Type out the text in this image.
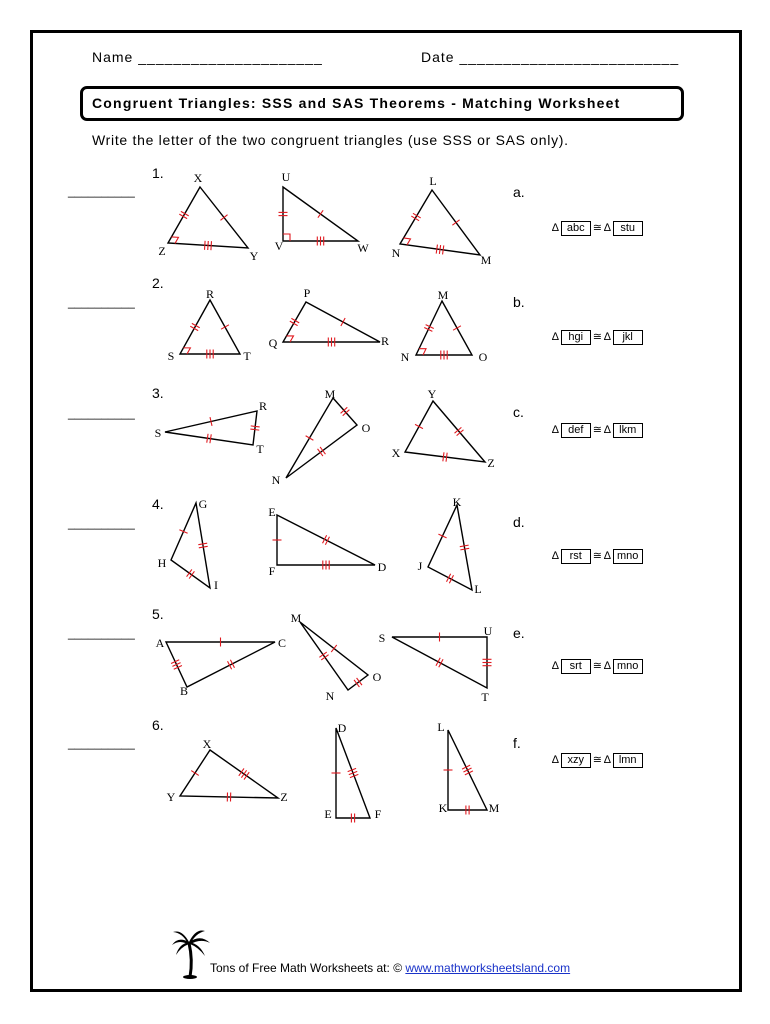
Name _____________________	Date _________________________
Congruent Triangles: SSS and SAS Theorems - Matching Worksheet
Write the letter of the two congruent triangles (use SSS or SAS only).
__________
1.
a.
∆ abc ≅ ∆ stu
__________
2.
b.
∆ hgi ≅ ∆	jkl
__________
3.
c.
∆ def ≅ ∆ lkm
__________
4.
d.
∆ rst ≅ ∆ mno
__________
5.
e.
∆ srt ≅ ∆ mno
__________
6.
f.
∆ xzy ≅ ∆ lmn
X
Y
Z
U
W
V
L
M
N
R
T
S
P
R
Q
M
O
N
S
R
T
M
O
N
Y
Z
X
G
I
H
E
D
F
K
L
J
A	C
B
M
O
N
S	U
T
X
Z
Y
D
F
E
L
M
K
Tons of Free Math Worksheets at: © www.mathworksheetsland.com
